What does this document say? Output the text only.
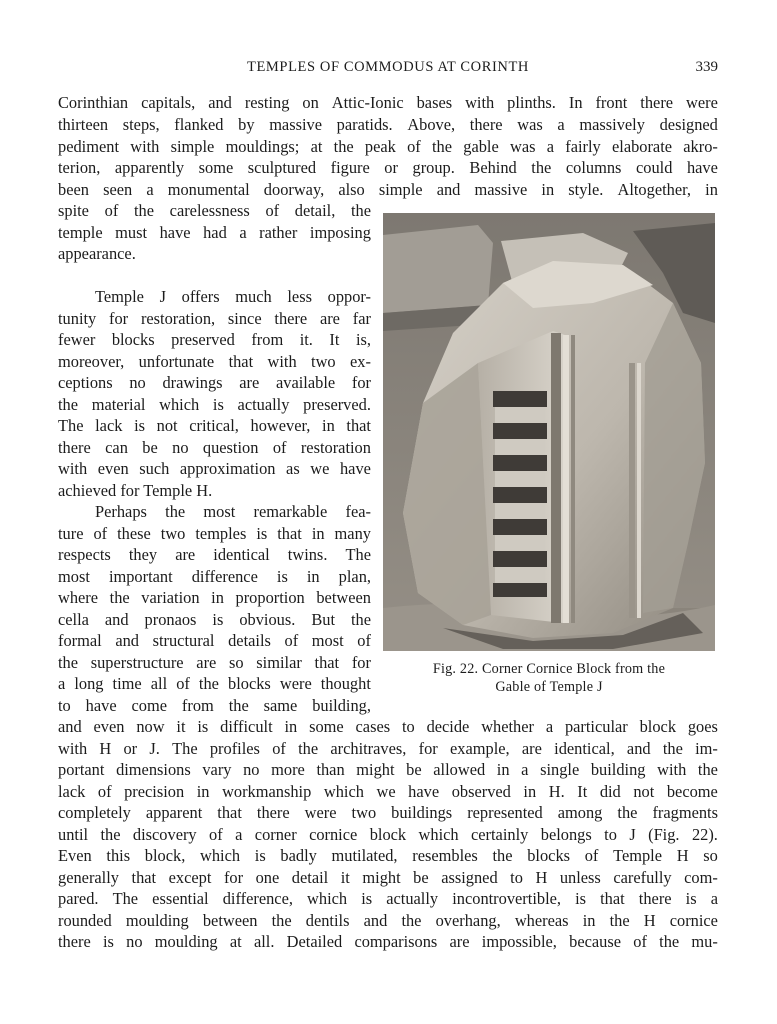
TEMPLES OF COMMODUS AT CORINTH	339
Corinthian capitals, and resting on Attic-Ionic bases with plinths. In front there were
thirteen steps, flanked by massive paratids. Above, there was a massively designed
pediment with simple mouldings; at the peak of the gable was a fairly elaborate akro-
terion, apparently some sculptured figure or group. Behind the columns could have
been seen a monumental doorway, also simple and massive in style. Altogether, in
spite of the carelessness of detail, the
temple must have had a rather imposing
appearance.
Temple J offers much less oppor-
tunity for restoration, since there are far
fewer blocks preserved from it. It is,
moreover, unfortunate that with two ex-
ceptions no drawings are available for
the material which is actually preserved.
The lack is not critical, however, in that
there can be no question of restoration
with even such approximation as we have
achieved for Temple H.
Perhaps the most remarkable fea-
ture of these two temples is that in many
respects they are identical twins. The
most important difference is in plan,
where the variation in proportion between
cella and pronaos is obvious. But the
formal and structural details of most of
the superstructure are so similar that for
a long time all of the blocks were thought
to have come from the same building,
and even now it is difficult in some cases to decide whether a particular block goes
with H or J. The profiles of the architraves, for example, are identical, and the im-
portant dimensions vary no more than might be allowed in a single building with the
lack of precision in workmanship which we have observed in H. It did not become
completely apparent that there were two buildings represented among the fragments
until the discovery of a corner cornice block which certainly belongs to J (Fig. 22).
Even this block, which is badly mutilated, resembles the blocks of Temple H so
generally that except for one detail it might be assigned to H unless carefully com-
pared. The essential difference, which is actually incontrovertible, is that there is a
rounded moulding between the dentils and the overhang, whereas in the H cornice
there is no moulding at all. Detailed comparisons are impossible, because of the mu-
Fig. 22. Corner Cornice Block from the
Gable of Temple J
